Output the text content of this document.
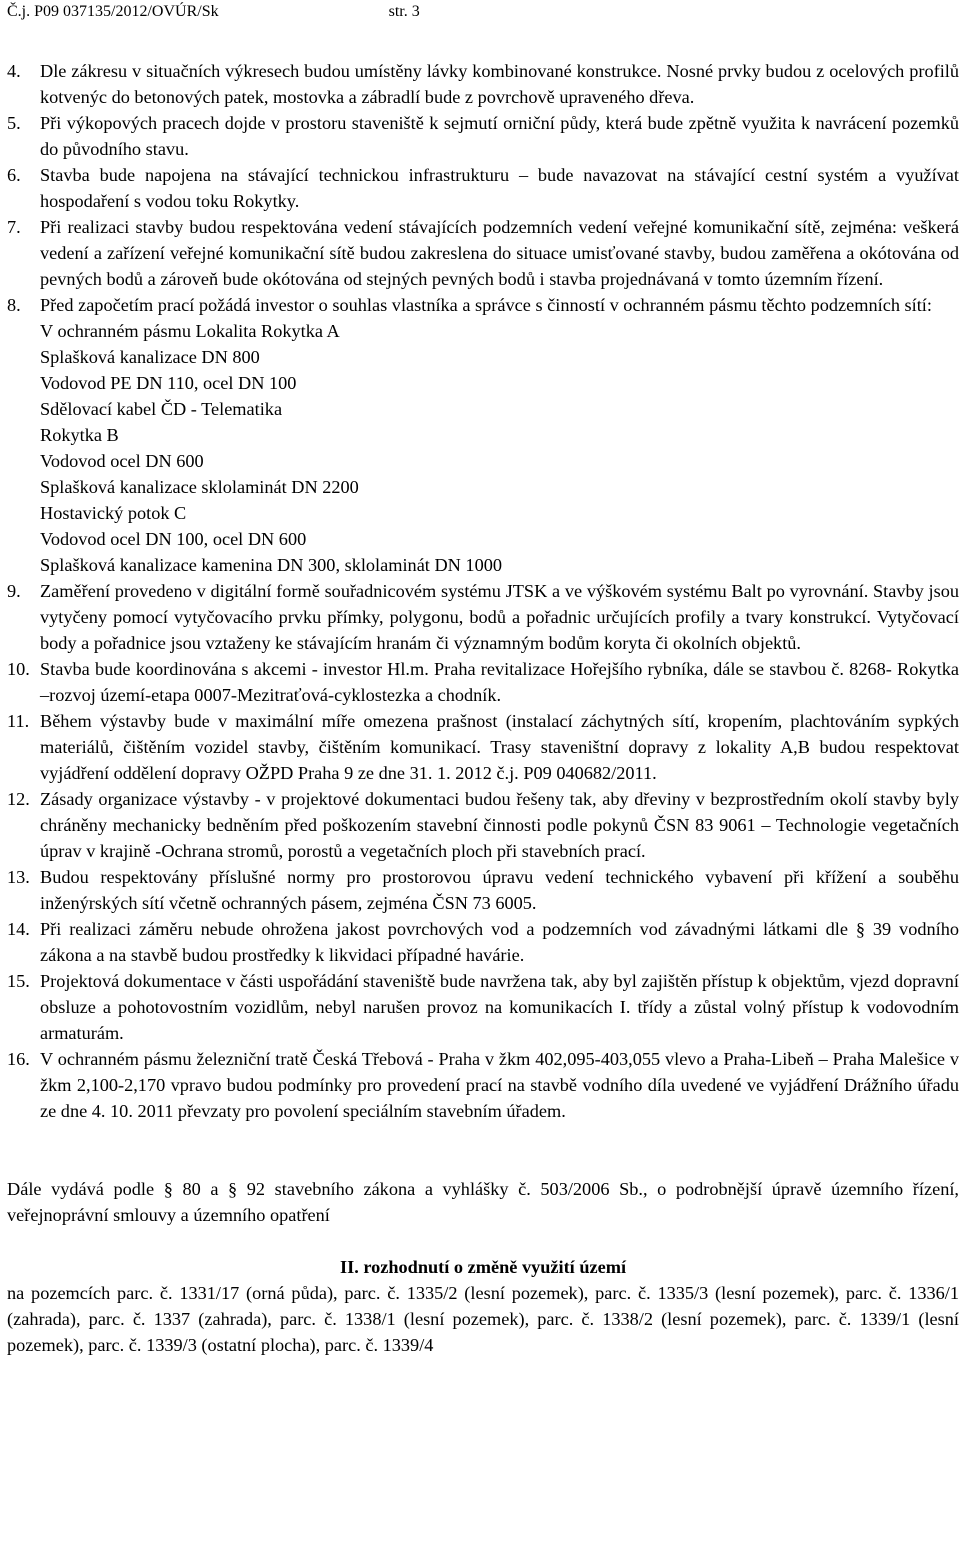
Č.j. P09 037135/2012/OVÚR/Sk	str. 3
4. Dle zákresu v situačních výkresech budou umístěny lávky kombinované konstrukce. Nosné prvky budou z ocelových profilů kotvenýc do betonových patek, mostovka a zábradlí bude z povrchově upraveného dřeva.
5. Při výkopových pracech dojde v prostoru staveniště k sejmutí orniční půdy, která bude zpětně využita k navrácení pozemků do původního stavu.
6. Stavba bude napojena na stávající technickou infrastrukturu – bude navazovat na stávající cestní systém a využívat hospodaření s vodou toku Rokytky.
7. Při realizaci stavby budou respektována vedení stávajících podzemních vedení veřejné komunikační sítě, zejména: veškerá vedení a zařízení veřejné komunikační sítě budou zakreslena do situace umisťované stavby, budou zaměřena a okótována od pevných bodů a zároveň bude okótována od stejných pevných bodů i stavba projednávaná v tomto územním řízení.
8. Před započetím prací požádá investor o souhlas vlastníka a správce s činností v ochranném pásmu těchto podzemních sítí:
V ochranném pásmu Lokalita Rokytka A
Splašková kanalizace DN 800
Vodovod PE DN 110, ocel DN 100
Sdělovací kabel ČD - Telematika
Rokytka B
Vodovod ocel DN 600
Splašková kanalizace sklolaminát DN 2200
Hostavický potok C
Vodovod ocel DN 100, ocel DN 600
Splašková kanalizace kamenina DN 300, sklolaminát DN 1000
9. Zaměření provedeno v digitální formě souřadnicovém systému JTSK a ve výškovém systému Balt po vyrovnání. Stavby jsou vytyčeny pomocí vytyčovacího prvku přímky, polygonu, bodů a pořadnic určujících profily a tvary konstrukcí. Vytyčovací body a pořadnice jsou vztaženy ke stávajícím hranám či významným bodům koryta či okolních objektů.
10. Stavba bude koordinována s akcemi - investor Hl.m. Praha revitalizace Hořejšího rybníka, dále se stavbou č. 8268- Rokytka –rozvoj území-etapa 0007-Mezitraťová-cyklostezka a chodník.
11. Během výstavby bude v maximální míře omezena prašnost (instalací záchytných sítí, kropením, plachtováním sypkých materiálů, čištěním vozidel stavby, čištěním komunikací. Trasy staveništní dopravy z lokality A,B budou respektovat vyjádření oddělení dopravy OŽPD Praha 9 ze dne 31. 1. 2012 č.j. P09 040682/2011.
12. Zásady organizace výstavby - v projektové dokumentaci budou řešeny tak, aby dřeviny v bezprostředním okolí stavby byly chráněny mechanicky bedněním před poškozením stavební činnosti podle pokynů ČSN 83 9061 – Technologie vegetačních úprav v krajině -Ochrana stromů, porostů a vegetačních ploch při stavebních prací.
13. Budou respektovány příslušné normy pro prostorovou úpravu vedení technického vybavení při křížení a souběhu inženýrských sítí včetně ochranných pásem, zejména ČSN 73 6005.
14. Při realizaci záměru nebude ohrožena jakost povrchových vod a podzemních vod závadnými látkami dle § 39 vodního zákona a na stavbě budou prostředky k likvidaci případné havárie.
15. Projektová dokumentace v části uspořádání staveniště bude navržena tak, aby byl zajištěn přístup k objektům, vjezd dopravní obsluze a pohotovostním vozidlům, nebyl narušen provoz na komunikacích I. třídy a zůstal volný přístup k vodovodním armaturám.
16. V ochranném pásmu železniční tratě Česká Třebová - Praha v žkm 402,095-403,055 vlevo a Praha-Libeň – Praha Malešice v žkm 2,100-2,170 vpravo budou podmínky pro provedení prací na stavbě vodního díla uvedené ve vyjádření Drážního úřadu ze dne 4. 10. 2011 převzaty pro povolení speciálním stavebním úřadem.

Dále vydává podle § 80 a § 92 stavebního zákona a vyhlášky č. 503/2006 Sb., o podrobnější úpravě územního řízení, veřejnoprávní smlouvy a územního opatření

II. rozhodnutí o změně využití území

na pozemcích parc. č. 1331/17 (orná půda), parc. č. 1335/2 (lesní pozemek), parc. č. 1335/3 (lesní pozemek), parc. č. 1336/1 (zahrada), parc. č. 1337 (zahrada), parc. č. 1338/1 (lesní pozemek), parc. č. 1338/2 (lesní pozemek), parc. č. 1339/1 (lesní pozemek), parc. č. 1339/3 (ostatní plocha), parc. č. 1339/4
